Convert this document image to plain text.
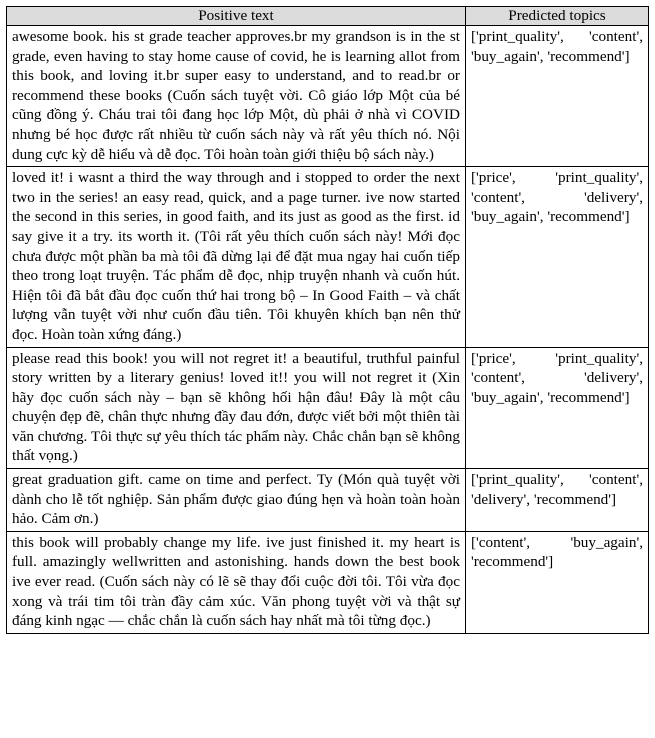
Positive text	Predicted topics
awesome book. his st grade teacher approves.br my grandson is in the st grade, even having to stay home cause of covid, he is learning allot from this book, and loving it.br super easy to understand, and to read.br or recommend these books (Cuốn sách tuyệt vời. Cô giáo lớp Một của bé cũng đồng ý. Cháu trai tôi đang học lớp Một, dù phải ở nhà vì COVID nhưng bé học được rất nhiều từ cuốn sách này và rất yêu thích nó. Nội dung cực kỳ dễ hiểu và dễ đọc. Tôi hoàn toàn giới thiệu bộ sách này.)	['print_quality', 'content', 'buy_again', 'recommend']
loved it! i wasnt a third the way through and i stopped to order the next two in the series! an easy read, quick, and a page turner. ive now started the second in this series, in good faith, and its just as good as the first. id say give it a try. its worth it. (Tôi rất yêu thích cuốn sách này! Mới đọc chưa được một phần ba mà tôi đã dừng lại để đặt mua ngay hai cuốn tiếp theo trong loạt truyện. Tác phẩm dễ đọc, nhịp truyện nhanh và cuốn hút. Hiện tôi đã bắt đầu đọc cuốn thứ hai trong bộ – In Good Faith – và chất lượng vẫn tuyệt vời như cuốn đầu tiên. Tôi khuyên khích bạn nên thử đọc. Hoàn toàn xứng đáng.)	['price', 'print_quality', 'content', 'delivery', 'buy_again', 'recommend']
please read this book! you will not regret it! a beautiful, truthful painful story written by a literary genius! loved it!! you will not regret it (Xin hãy đọc cuốn sách này – bạn sẽ không hối hận đâu! Đây là một câu chuyện đẹp đẽ, chân thực nhưng đầy đau đớn, được viết bởi một thiên tài văn chương. Tôi thực sự yêu thích tác phẩm này. Chắc chắn bạn sẽ không thất vọng.)	['price', 'print_quality', 'content', 'delivery', 'buy_again', 'recommend']
great graduation gift. came on time and perfect. Ty (Món quà tuyệt vời dành cho lễ tốt nghiệp. Sản phẩm được giao đúng hẹn và hoàn toàn hoàn hảo. Cảm ơn.)	['print_quality', 'content', 'delivery', 'recommend']
this book will probably change my life. ive just finished it. my heart is full. amazingly wellwritten and astonishing. hands down the best book ive ever read. (Cuốn sách này có lẽ sẽ thay đổi cuộc đời tôi. Tôi vừa đọc xong và trái tim tôi tràn đầy cảm xúc. Văn phong tuyệt vời và thật sự đáng kinh ngạc — chắc chắn là cuốn sách hay nhất mà tôi từng đọc.)	['content', 'buy_again', 'recommend']
